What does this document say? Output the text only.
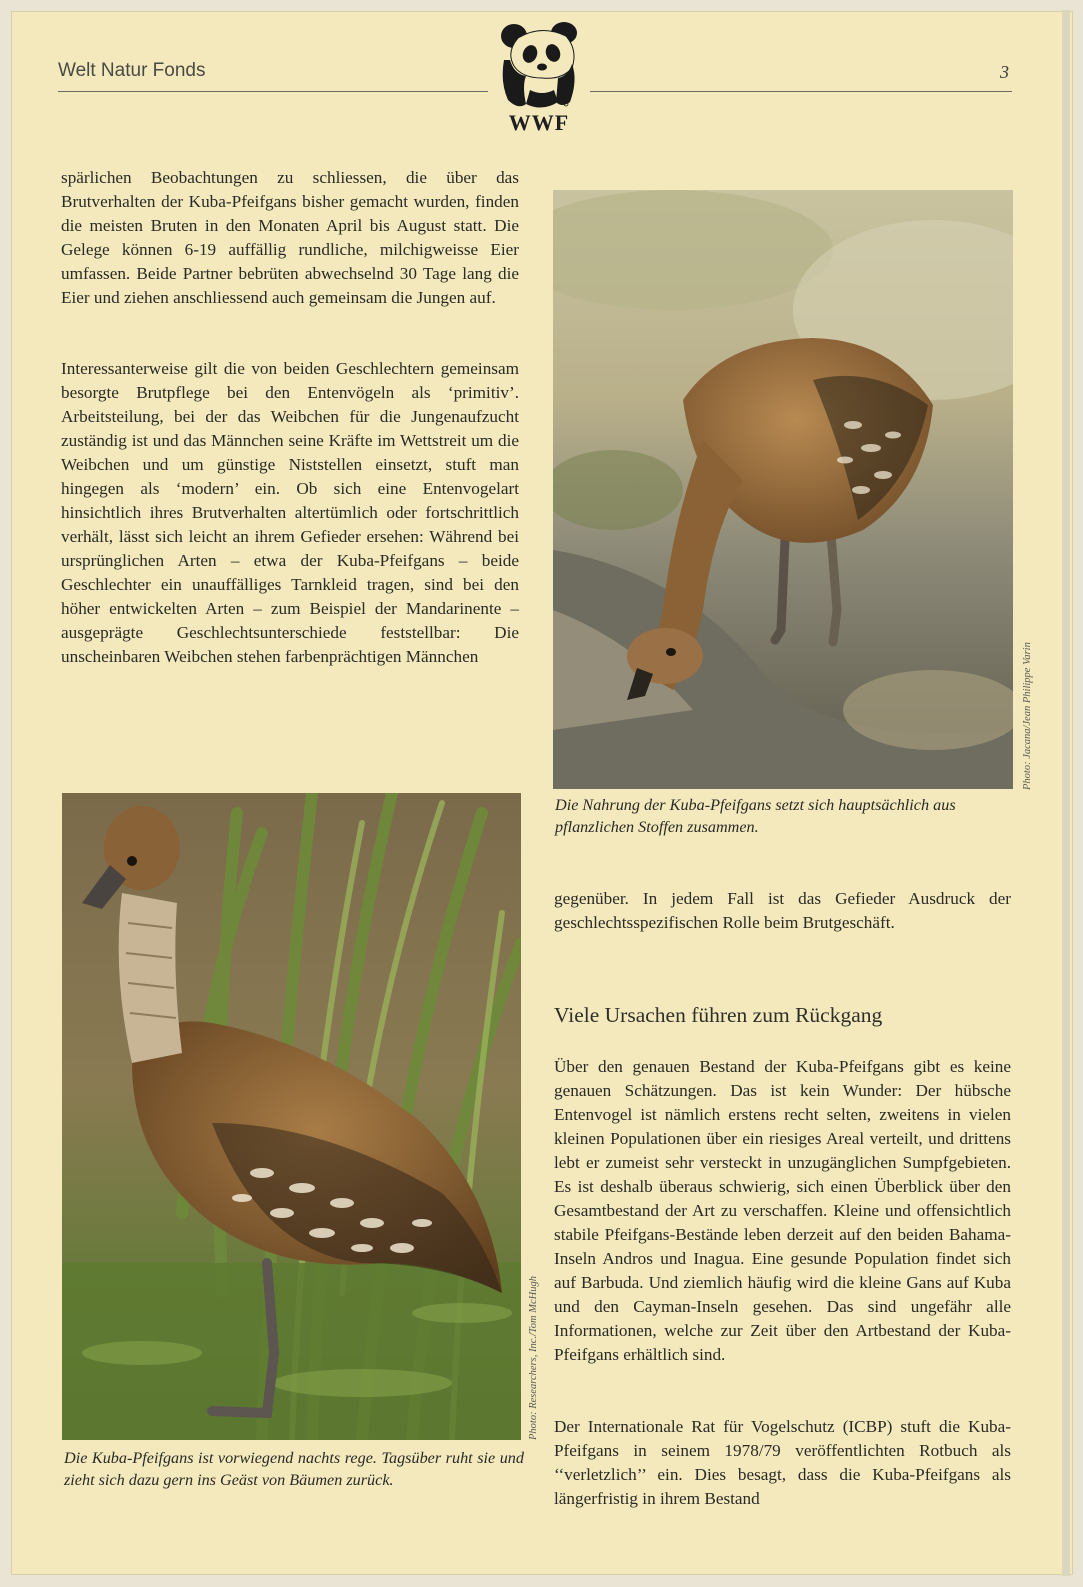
Welt Natur Fonds	3
WWF

spärlichen Beobachtungen zu schliessen, die über das Brutverhalten der Kuba-Pfeifgans bisher gemacht wurden, finden die meisten Bruten in den Monaten April bis August statt. Die Gelege können 6-19 auffällig rundliche, milchigweisse Eier umfassen. Beide Partner bebrüten abwechselnd 30 Tage lang die Eier und ziehen anschliessend auch gemeinsam die Jungen auf.

Interessanterweise gilt die von beiden Geschlechtern gemeinsam besorgte Brutpflege bei den Entenvögeln als ‘primitiv’. Arbeitsteilung, bei der das Weibchen für die Jungenaufzucht zuständig ist und das Männchen seine Kräfte im Wettstreit um die Weibchen und um günstige Niststellen einsetzt, stuft man hingegen als ‘modern’ ein. Ob sich eine Entenvogelart hinsichtlich ihres Brutverhalten altertümlich oder fortschrittlich verhält, lässt sich leicht an ihrem Gefieder ersehen: Während bei ursprünglichen Arten – etwa der Kuba-Pfeifgans – beide Geschlechter ein unauffälliges Tarnkleid tragen, sind bei den höher entwickelten Arten – zum Beispiel der Mandarinente – ausgeprägte Geschlechtsunterschiede feststellbar: Die unscheinbaren Weibchen stehen farbenprächtigen Männchen	Photo: Jacana/Jean Philippe Varin

Die Nahrung der Kuba-Pfeifgans setzt sich hauptsächlich aus pflanzlichen Stoffen zusammen.

Photo: Researchers, Inc./Tom McHugh

Die Kuba-Pfeifgans ist vorwiegend nachts rege. Tagsüber ruht sie und zieht sich dazu gern ins Geäst von Bäumen zurück.

gegenüber. In jedem Fall ist das Gefieder Ausdruck der geschlechtsspezifischen Rolle beim Brutgeschäft.

Viele Ursachen führen zum Rückgang

Über den genauen Bestand der Kuba-Pfeifgans gibt es keine genauen Schätzungen. Das ist kein Wunder: Der hübsche Entenvogel ist nämlich erstens recht selten, zweitens in vielen kleinen Populationen über ein riesiges Areal verteilt, und drittens lebt er zumeist sehr versteckt in unzugänglichen Sumpfgebieten. Es ist deshalb überaus schwierig, sich einen Überblick über den Gesamtbestand der Art zu verschaffen. Kleine und offensichtlich stabile Pfeifgans-Bestände leben derzeit auf den beiden Bahama-Inseln Andros und Inagua. Eine gesunde Population findet sich auf Barbuda. Und ziemlich häufig wird die kleine Gans auf Kuba und den Cayman-Inseln gesehen. Das sind ungefähr alle Informationen, welche zur Zeit über den Artbestand der Kuba-Pfeifgans erhältlich sind.

Der Internationale Rat für Vogelschutz (ICBP) stuft die Kuba-Pfeifgans in seinem 1978/79 veröffentlichten Rotbuch als ‘‘verletzlich’’ ein. Dies besagt, dass die Kuba-Pfeifgans als längerfristig in ihrem Bestand
